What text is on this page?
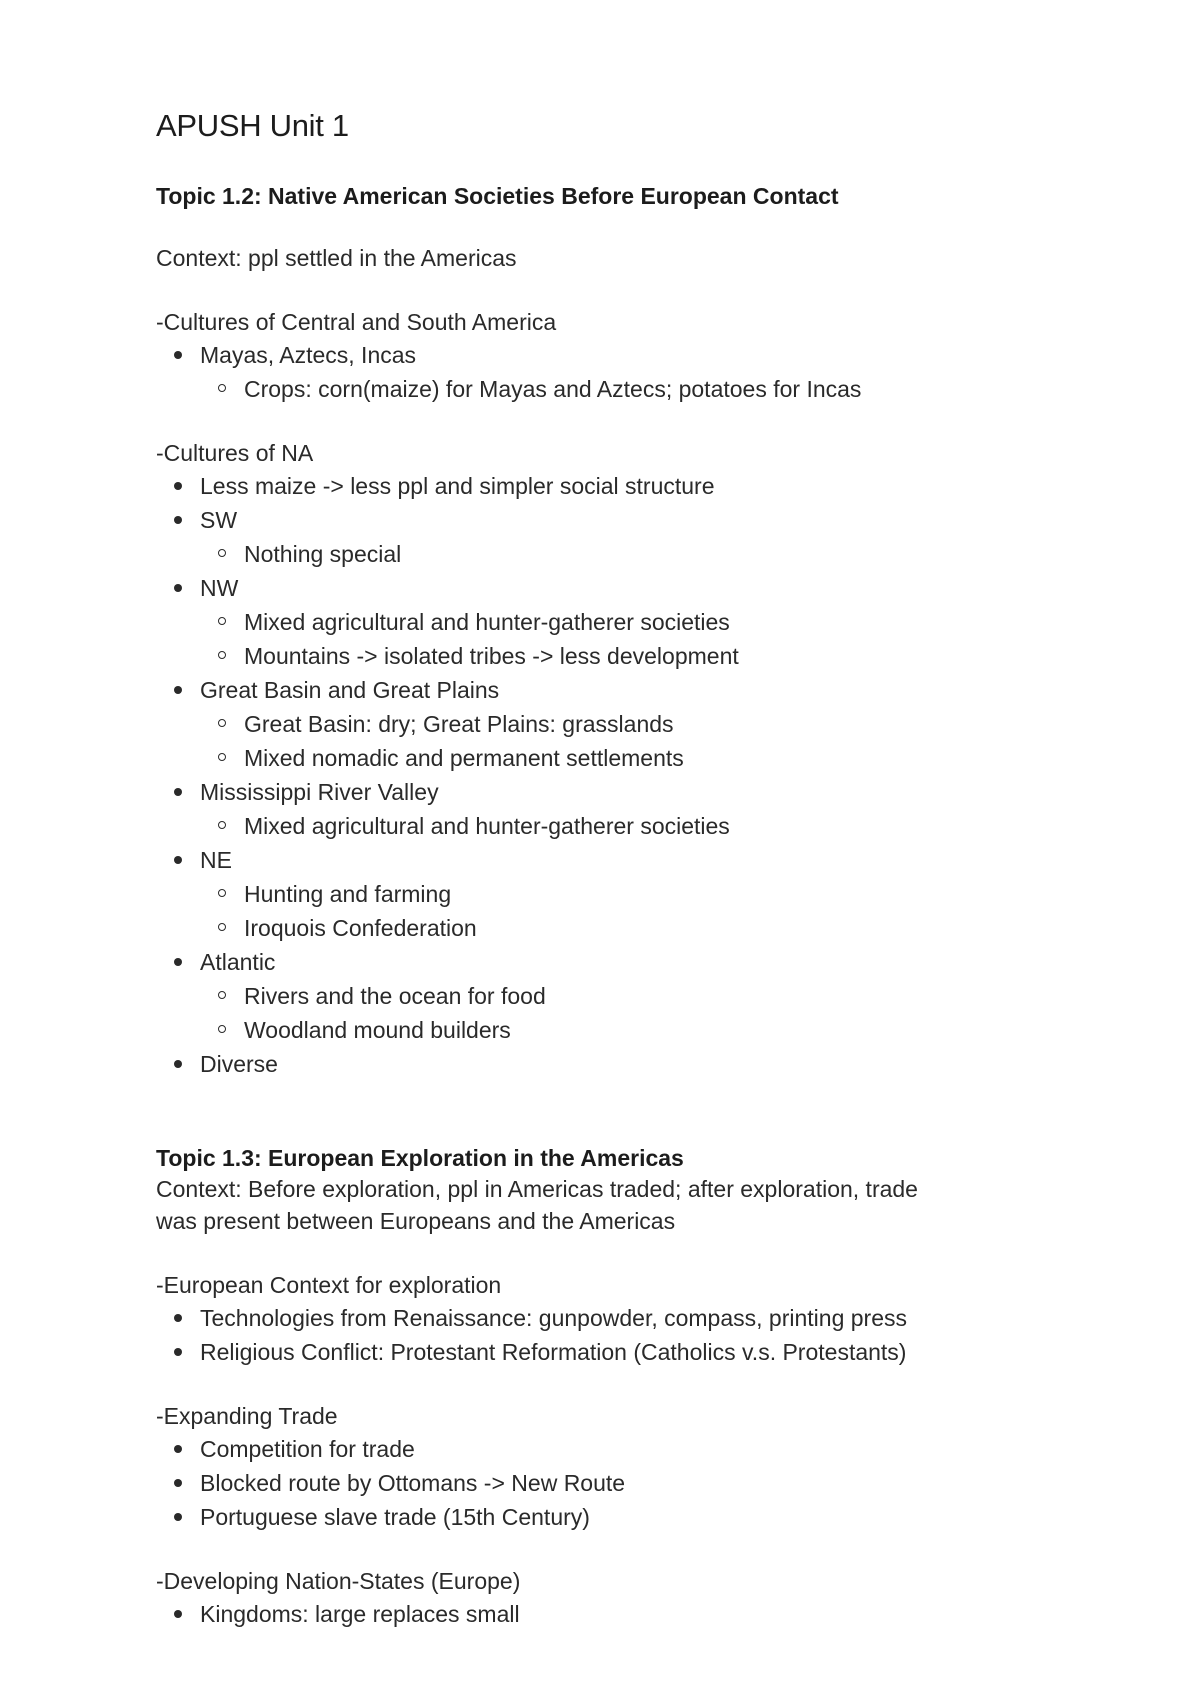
APUSH Unit 1
Topic 1.2: Native American Societies Before European Contact
Context: ppl settled in the Americas
-Cultures of Central and South America
Mayas, Aztecs, Incas
Crops: corn(maize) for Mayas and Aztecs; potatoes for Incas
-Cultures of NA
Less maize -> less ppl and simpler social structure
SW
Nothing special
NW
Mixed agricultural and hunter-gatherer societies
Mountains -> isolated tribes -> less development
Great Basin and Great Plains
Great Basin: dry; Great Plains: grasslands
Mixed nomadic and permanent settlements
Mississippi River Valley
Mixed agricultural and hunter-gatherer societies
NE
Hunting and farming
Iroquois Confederation
Atlantic
Rivers and the ocean for food
Woodland mound builders
Diverse
Topic 1.3: European Exploration in the Americas
Context: Before exploration, ppl in Americas traded; after exploration, trade
was present between Europeans and the Americas
-European Context for exploration
Technologies from Renaissance: gunpowder, compass, printing press
Religious Conflict: Protestant Reformation (Catholics v.s. Protestants)
-Expanding Trade
Competition for trade
Blocked route by Ottomans -> New Route
Portuguese slave trade (15th Century)
-Developing Nation-States (Europe)
Kingdoms: large replaces small
